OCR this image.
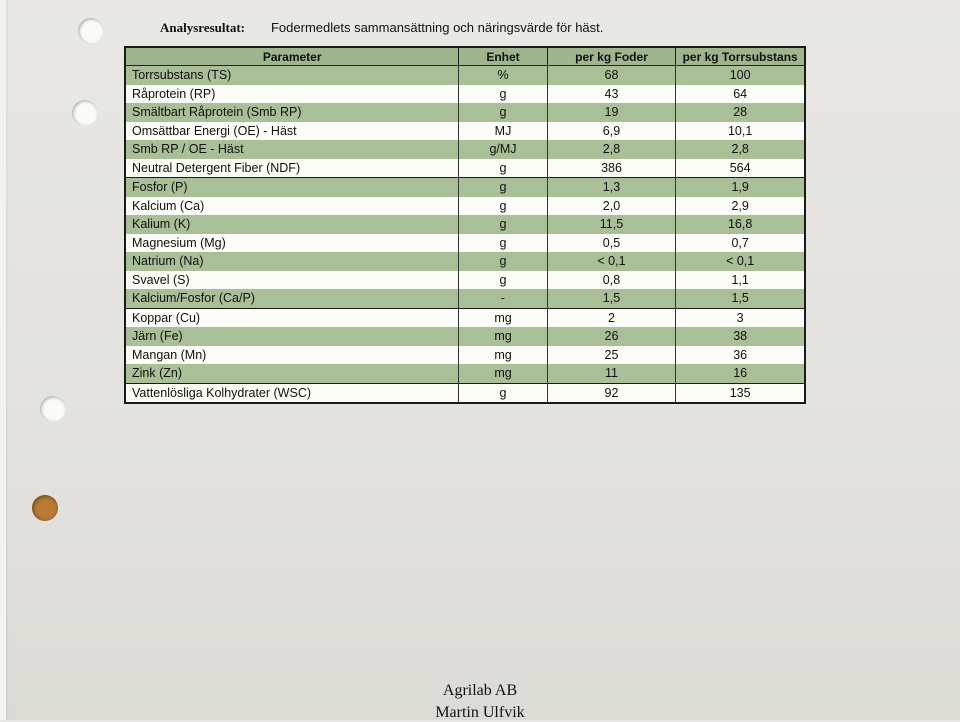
Analysresultat: Fodermedlets sammansättning och näringsvärde för häst.
Parameter	Enhet	per kg Foder	per kg Torrsubstans
Torrsubstans (TS)	%	68	100
Råprotein (RP)	g	43	64
Smältbart Råprotein (Smb RP)	g	19	28
Omsättbar Energi (OE) - Häst	MJ	6,9	10,1
Smb RP / OE - Häst	g/MJ	2,8	2,8
Neutral Detergent Fiber (NDF)	g	386	564
Fosfor (P)	g	1,3	1,9
Kalcium (Ca)	g	2,0	2,9
Kalium (K)	g	11,5	16,8
Magnesium (Mg)	g	0,5	0,7
Natrium (Na)	g	< 0,1	< 0,1
Svavel (S)	g	0,8	1,1
Kalcium/Fosfor (Ca/P)	-	1,5	1,5
Koppar (Cu)	mg	2	3
Järn (Fe)	mg	26	38
Mangan (Mn)	mg	25	36
Zink (Zn)	mg	11	16
Vattenlösliga Kolhydrater (WSC)	g	92	135
Agrilab AB
Martin Ulfvik
